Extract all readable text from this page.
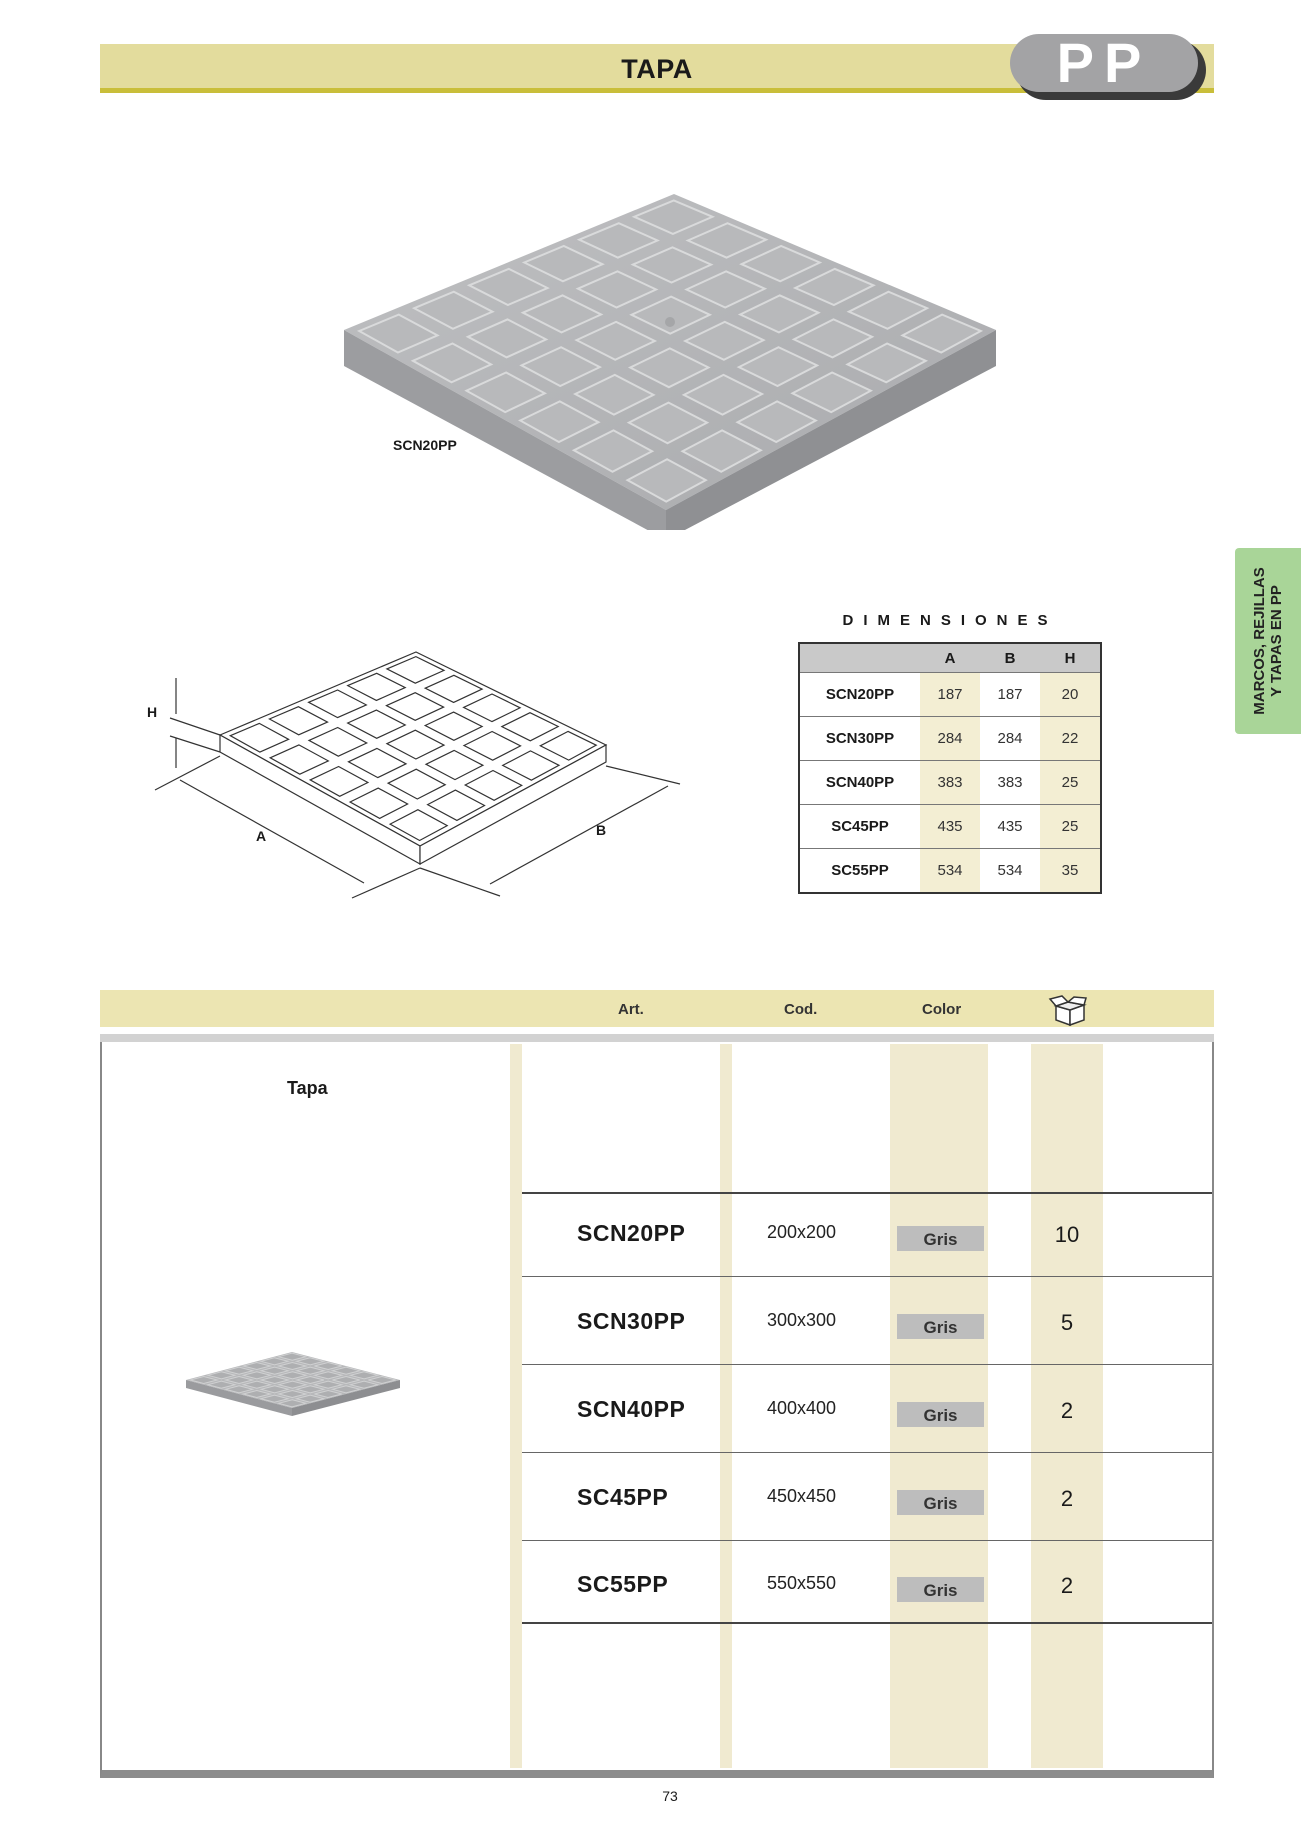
TAPA	PP
MARCOS, REJILLAS Y TAPAS EN PP
SCN20PP
H
A	B
DIMENSIONES
	A	B	H
SCN20PP	187	187	20
SCN30PP	284	284	22
SCN40PP	383	383	25
SC45PP	435	435	25
SC55PP	534	534	35
Art.	Cod.	Color
Tapa
SCN20PP	200x200	Gris	10
SCN30PP	300x300	Gris	5
SCN40PP	400x400	Gris	2
SC45PP	450x450	Gris	2
SC55PP	550x550	Gris	2
73
